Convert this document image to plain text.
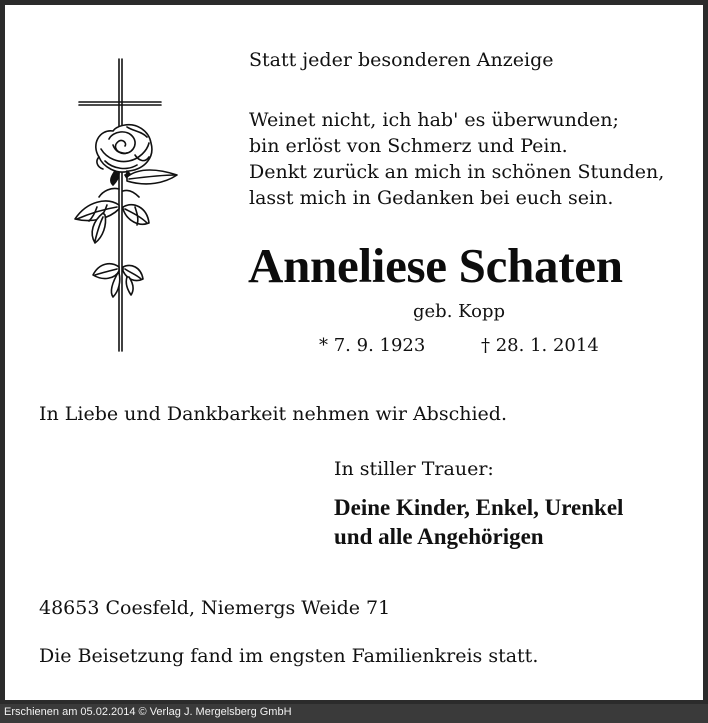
Statt jeder besonderen Anzeige
Weinet nicht, ich hab' es überwunden;
bin erlöst von Schmerz und Pein.
Denkt zurück an mich in schönen Stunden,
lasst mich in Gedanken bei euch sein.
Anneliese Schaten
geb. Kopp
* 7. 9. 1923	† 28. 1. 2014
In Liebe und Dankbarkeit nehmen wir Abschied.
In stiller Trauer:
Deine Kinder, Enkel, Urenkel
und alle Angehörigen
48653 Coesfeld, Niemergs Weide 71
Die Beisetzung fand im engsten Familienkreis statt.
Erschienen am 05.02.2014 © Verlag J. Mergelsberg GmbH
